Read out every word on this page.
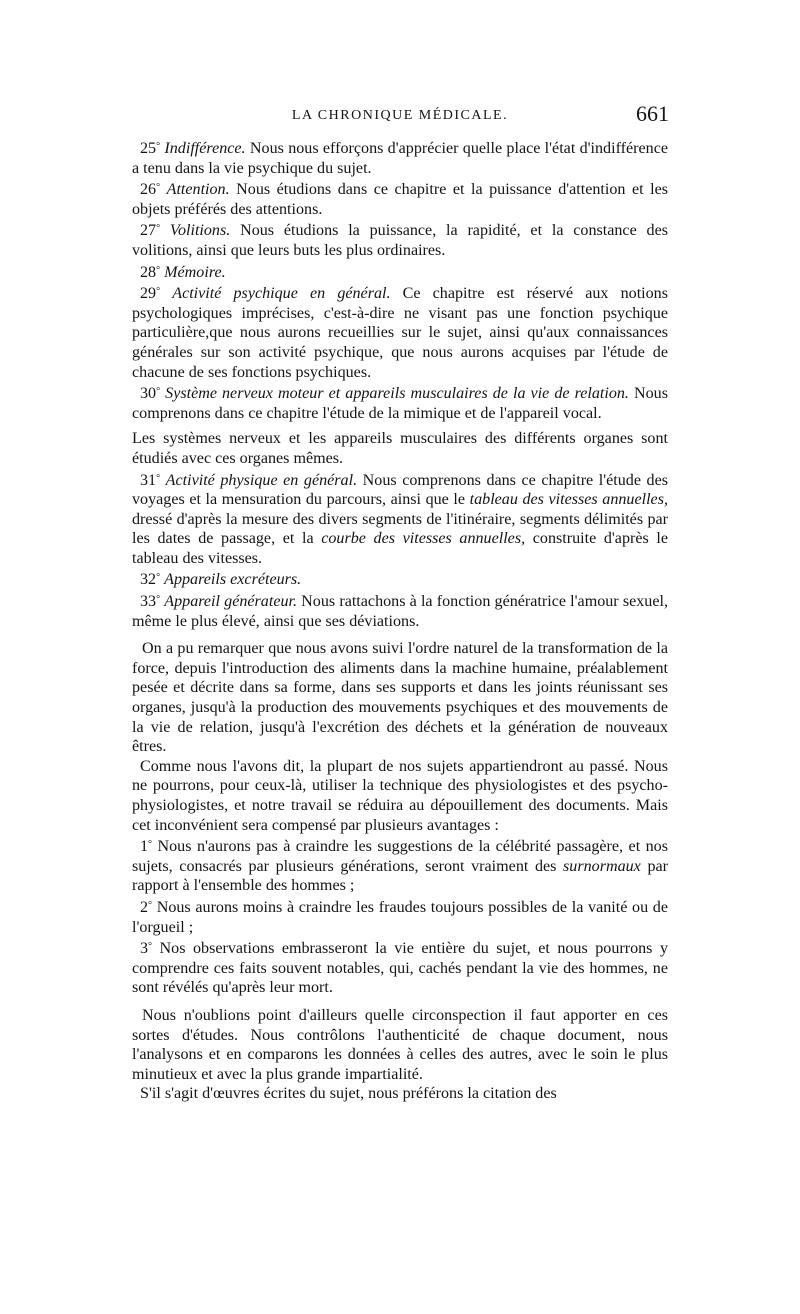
LA CHRONIQUE MÉDICALE.	661

25° Indifférence. Nous nous efforçons d'apprécier quelle place l'état d'indifférence a tenu dans la vie psychique du sujet.

26° Attention. Nous étudions dans ce chapitre et la puissance d'attention et les objets préférés des attentions.

27° Volitions. Nous étudions la puissance, la rapidité, et la constance des volitions, ainsi que leurs buts les plus ordinaires.

28° Mémoire.

29° Activité psychique en général. Ce chapitre est réservé aux notions psychologiques imprécises, c'est-à-dire ne visant pas une fonction psychique particulière,que nous aurons recueillies sur le sujet, ainsi qu'aux connaissances générales sur son activité psychique, que nous aurons acquises par l'étude de chacune de ses fonctions psychiques.

30° Système nerveux moteur et appareils musculaires de la vie de relation. Nous comprenons dans ce chapitre l'étude de la mimique et de l'appareil vocal.

Les systèmes nerveux et les appareils musculaires des différents organes sont étudiés avec ces organes mêmes.

31° Activité physique en général. Nous comprenons dans ce chapitre l'étude des voyages et la mensuration du parcours, ainsi que le tableau des vitesses annuelles, dressé d'après la mesure des divers segments de l'itinéraire, segments délimités par les dates de passage, et la courbe des vitesses annuelles, construite d'après le tableau des vitesses.

32° Appareils excréteurs.

33° Appareil générateur. Nous rattachons à la fonction génératrice l'amour sexuel, même le plus élevé, ainsi que ses déviations.

On a pu remarquer que nous avons suivi l'ordre naturel de la transformation de la force, depuis l'introduction des aliments dans la machine humaine, préalablement pesée et décrite dans sa forme, dans ses supports et dans les joints réunissant ses organes, jusqu'à la production des mouvements psychiques et des mouvements de la vie de relation, jusqu'à l'excrétion des déchets et la génération de nouveaux êtres.

Comme nous l'avons dit, la plupart de nos sujets appartiendront au passé. Nous ne pourrons, pour ceux-là, utiliser la technique des physiologistes et des psycho-physiologistes, et notre travail se réduira au dépouillement des documents. Mais cet inconvénient sera compensé par plusieurs avantages :

1° Nous n'aurons pas à craindre les suggestions de la célébrité passagère, et nos sujets, consacrés par plusieurs générations, seront vraiment des surnormaux par rapport à l'ensemble des hommes ;

2° Nous aurons moins à craindre les fraudes toujours possibles de la vanité ou de l'orgueil ;

3° Nos observations embrasseront la vie entière du sujet, et nous pourrons y comprendre ces faits souvent notables, qui, cachés pendant la vie des hommes, ne sont révélés qu'après leur mort.

Nous n'oublions point d'ailleurs quelle circonspection il faut apporter en ces sortes d'études. Nous contrôlons l'authenticité de chaque document, nous l'analysons et en comparons les données à celles des autres, avec le soin le plus minutieux et avec la plus grande impartialité.

S'il s'agit d'œuvres écrites du sujet, nous préférons la citation des
